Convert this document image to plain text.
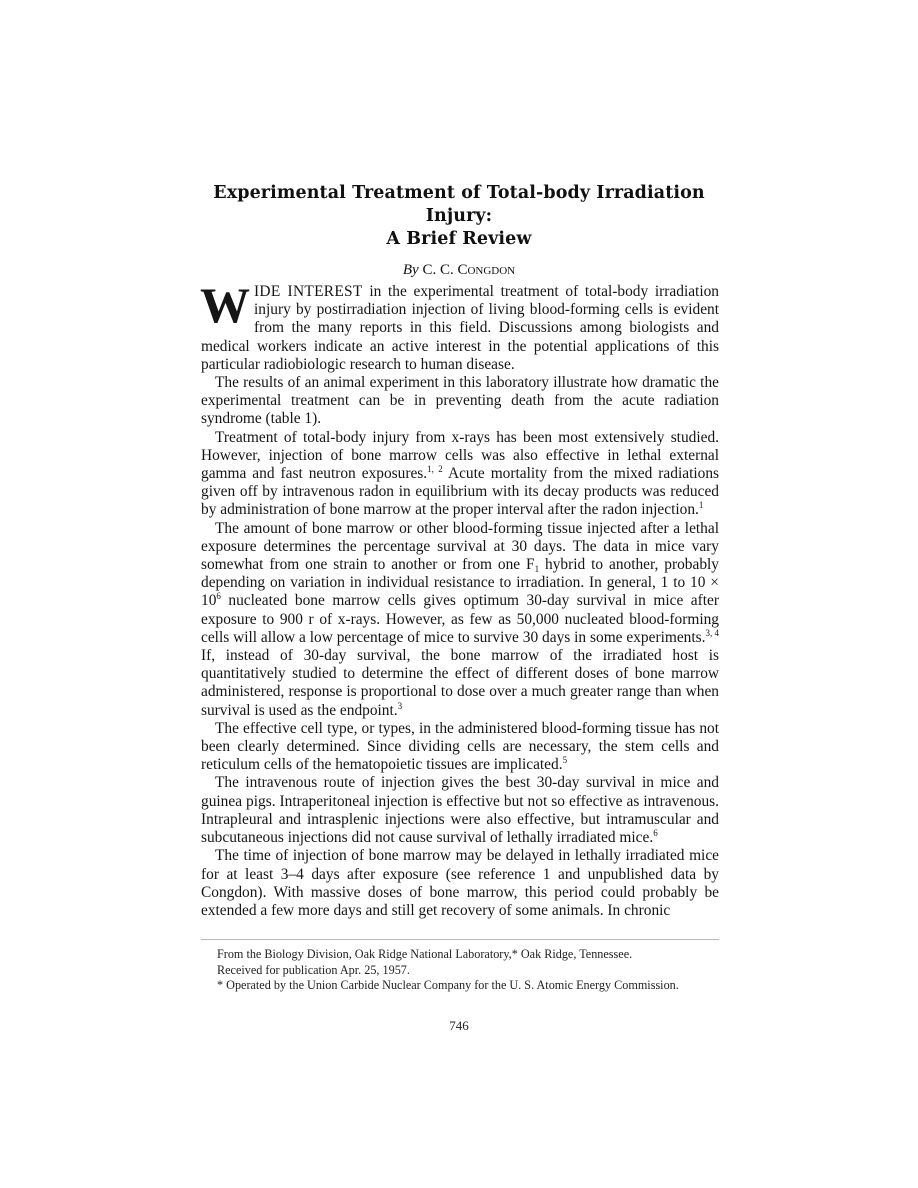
Experimental Treatment of Total-body Irradiation Injury:
A Brief Review
By C. C. Congdon

WIDE INTEREST in the experimental treatment of total-body irradiation injury by postirradiation injection of living blood-forming cells is evident from the many reports in this field. Discussions among biologists and medical workers indicate an active interest in the potential applications of this particular radiobiologic research to human disease.

The results of an animal experiment in this laboratory illustrate how dramatic the experimental treatment can be in preventing death from the acute radiation syndrome (table 1).

Treatment of total-body injury from x-rays has been most extensively studied. However, injection of bone marrow cells was also effective in lethal external gamma and fast neutron exposures.$^{1, 2}$ Acute mortality from the mixed radiations given off by intravenous radon in equilibrium with its decay products was reduced by administration of bone marrow at the proper interval after the radon injection.$^1$

The amount of bone marrow or other blood-forming tissue injected after a lethal exposure determines the percentage survival at 30 days. The data in mice vary somewhat from one strain to another or from one $F_1$ hybrid to another, probably depending on variation in individual resistance to irradiation. In general, 1 to $10 \times 10^6$ nucleated bone marrow cells gives optimum 30-day survival in mice after exposure to 900 r of x-rays. However, as few as 50,000 nucleated blood-forming cells will allow a low percentage of mice to survive 30 days in some experiments.$^{3, 4}$ If, instead of 30-day survival, the bone marrow of the irradiated host is quantitatively studied to determine the effect of different doses of bone marrow administered, response is proportional to dose over a much greater range than when survival is used as the endpoint.$^3$

The effective cell type, or types, in the administered blood-forming tissue has not been clearly determined. Since dividing cells are necessary, the stem cells and reticulum cells of the hematopoietic tissues are implicated.$^5$

The intravenous route of injection gives the best 30-day survival in mice and guinea pigs. Intraperitoneal injection is effective but not so effective as intravenous. Intrapleural and intrasplenic injections were also effective, but intramuscular and subcutaneous injections did not cause survival of lethally irradiated mice.$^6$

The time of injection of bone marrow may be delayed in lethally irradiated mice for at least 3–4 days after exposure (see reference 1 and unpublished data by Congdon). With massive doses of bone marrow, this period could probably be extended a few more days and still get recovery of some animals. In chronic

From the Biology Division, Oak Ridge National Laboratory,* Oak Ridge, Tennessee.

Received for publication Apr. 25, 1957.

* Operated by the Union Carbide Nuclear Company for the U. S. Atomic Energy Commission.

746
